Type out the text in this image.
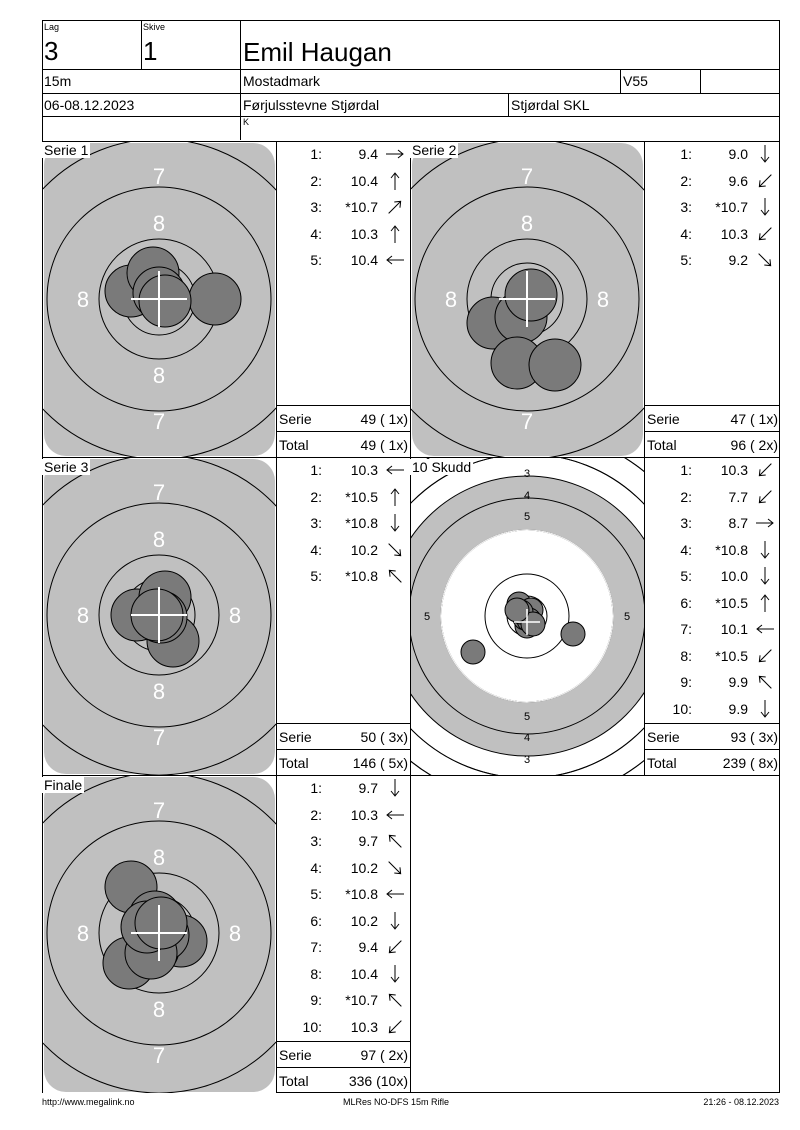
Lag
3
Skive
1	Emil Haugan
15m	Mostadmark	V55
06-08.12.2023	Førjulsstevne Stjørdal	Stjørdal SKL
K
7
8
8
8
7
7
8
8	8
7
7
8
8	8
8
7
3
3
4
4
5
5
6
6
7
7
8
8
5	5
6	6
7	7
8	8
7
8
8	8
8
7
Serie 1	Serie 2
Serie 3	10 Skudd
Finale
1:	9.4
2:	10.4
3:	*10.7
4:	10.3
5:	10.4
Serie	49 ( 1x)
Total	49 ( 1x)
1:	9.0
2:	9.6
3:	*10.7
4:	10.3
5:	9.2
Serie	47 ( 1x)
Total	96 ( 2x)
1:	10.3
2:	*10.5
3:	*10.8
4:	10.2
5:	*10.8
Serie	50 ( 3x)
Total	146 ( 5x)
1:	10.3
2:	7.7
3:	8.7
4:	*10.8
5:	10.0
6:	*10.5
7:	10.1
8:	*10.5
9:	9.9
10:	9.9
Serie	93 ( 3x)
Total	239 ( 8x)
1:	9.7
2:	10.3
3:	9.7
4:	10.2
5:	*10.8
6:	10.2
7:	9.4
8:	10.4
9:	*10.7
10:	10.3
Serie	97 ( 2x)
Total	336 (10x)
http://www.megalink.no	MLRes NO-DFS 15m Rifle	21:26 - 08.12.2023
